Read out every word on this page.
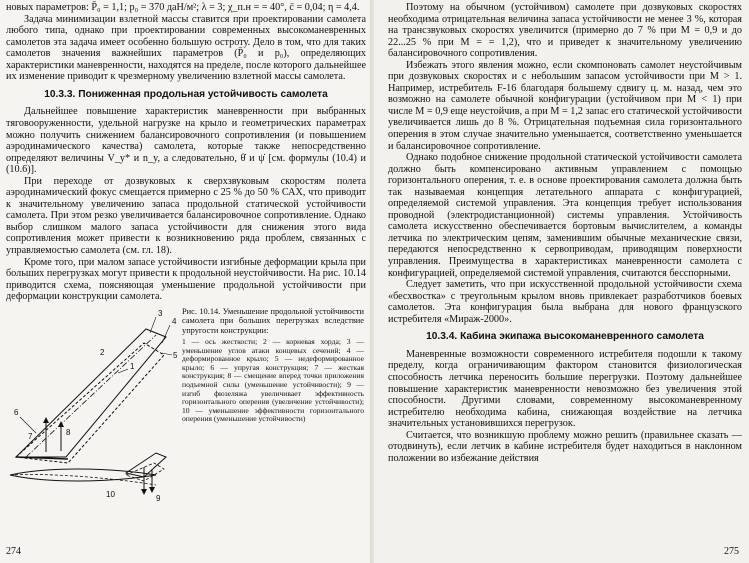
новых параметров: P̄₀ = 1,1; p₀ = 370 даН/м²; λ = 3; χ_п.н = = 40°, c̄ = 0,04; η = 4,4.

Задача минимизации взлетной массы ставится при проектировании самолета любого типа, однако при проектировании современных высокоманевренных самолетов эта задача имеет особенно большую остроту. Дело в том, что для таких самолетов значения важнейших параметров (P̄₀ и p₀), определяющих характеристики маневренности, находятся на пределе, после которого дальнейшее их изменение приводит к чрезмерному увеличению взлетной массы самолета.

10.3.3. Пониженная продольная устойчивость самолета

Дальнейшее повышение характеристик маневренности при выбранных тяговооруженности, удельной нагрузке на крыло и геометрических параметрах можно получить снижением балансировочного сопротивления (и повышением аэродинамического качества) самолета, которые также непосредственно определяют величины V_y* и n_y, а следовательно, θ̇ и ψ̇ [см. формулы (10.4) и (10.6)].

При переходе от дозвуковых к сверхзвуковым скоростям полета аэродинамический фокус смещается примерно с 25 % до 50 % САХ, что приводит к значительному увеличению запаса продольной статической устойчивости самолета. При этом резко увеличивается балансировочное сопротивление. Однако выбор слишком малого запаса устойчивости для снижения этого вида сопротивления может привести к возникновению ряда проблем, связанных с управляемостью самолета (см. гл. 18).

Кроме того, при малом запасе устойчивости изгибные деформации крыла при больших перегрузках могут привести к продольной неустойчивости. На рис. 10.14 приводится схема, поясняющая уменьшение продольной устойчивости при деформации конструкции самолета.

3
4
5
1
2
6
7	8
9
10

Рис. 10.14. Уменьшение продольной устойчивости самолета при больших перегрузках вследствие упругости конструкции:

1 — ось жесткости; 2 — корневая хорда; 3 — уменьшение углов атаки концевых сечений; 4 — деформированное крыло; 5 — недеформированное крыло; 6 — упругая конструкция; 7 — жесткая конструкция; 8 — смещение вперед точки приложения подъемной силы (уменьшение устойчивости); 9 — изгиб фюзеляжа увеличивает эффективность горизонтального оперения (увеличение устойчивости); 10 — уменьшение эффективности горизонтального оперения (уменьшение устойчивости)

274

Поэтому на обычном (устойчивом) самолете при дозвуковых скоростях необходима отрицательная величина запаса устойчивости не менее 3 %, которая на трансзвуковых скоростях увеличится (примерно до 7 % при M = 0,9 и до 22...25 % при M = = 1,2), что и приведет к значительному увеличению балансировочного сопротивления.

Избежать этого явления можно, если скомпоновать самолет неустойчивым при дозвуковых скоростях и с небольшим запасом устойчивости при M > 1. Например, истребитель F-16 благодаря большему сдвигу ц. м. назад, чем это возможно на самолете обычной конфигурации (устойчивом при M < 1) при числе M = 0,9 еще неустойчив, а при M = 1,2 запас его статической устойчивости увеличивается лишь до 8 %. Отрицательная подъемная сила горизонтального оперения в этом случае значительно уменьшается, соответственно уменьшается и балансировочное сопротивление.

Однако подобное снижение продольной статической устойчивости самолета должно быть компенсировано активным управлением с помощью горизонтального оперения, т. е. в основе проектирования самолета должна быть так называемая концепция летательного аппарата с конфигурацией, определяемой системой управления. Эта концепция требует использования проводной (электродистанционной) системы управления. Устойчивость самолета искусственно обеспечивается бортовым вычислителем, а команды летчика по электрическим цепям, заменившим обычные механические связи, передаются непосредственно к сервоприводам, приводящим поверхности управления. Преимущества в характеристиках маневренности самолета с конфигурацией, определяемой системой управления, считаются бесспорными.

Следует заметить, что при искусственной продольной устойчивости схема «бесхвостка» с треугольным крылом вновь привлекает разработчиков боевых самолетов. Эта конфигурация была выбрана для нового французского истребителя «Мираж-2000».

10.3.4. Кабина экипажа высокоманевренного самолета

Маневренные возможности современного истребителя подошли к такому пределу, когда ограничивающим фактором становится физиологическая способность летчика переносить большие перегрузки. Поэтому дальнейшее повышение характеристик маневренности невозможно без увеличения этой способности. Другими словами, современному высокоманевренному истребителю необходима кабина, снижающая воздействие на летчика значительных установившихся перегрузок.

Считается, что возникшую проблему можно решить (правильнее сказать — отодвинуть), если летчик в кабине истребителя будет находиться в наклонном положении во избежание действия

275
